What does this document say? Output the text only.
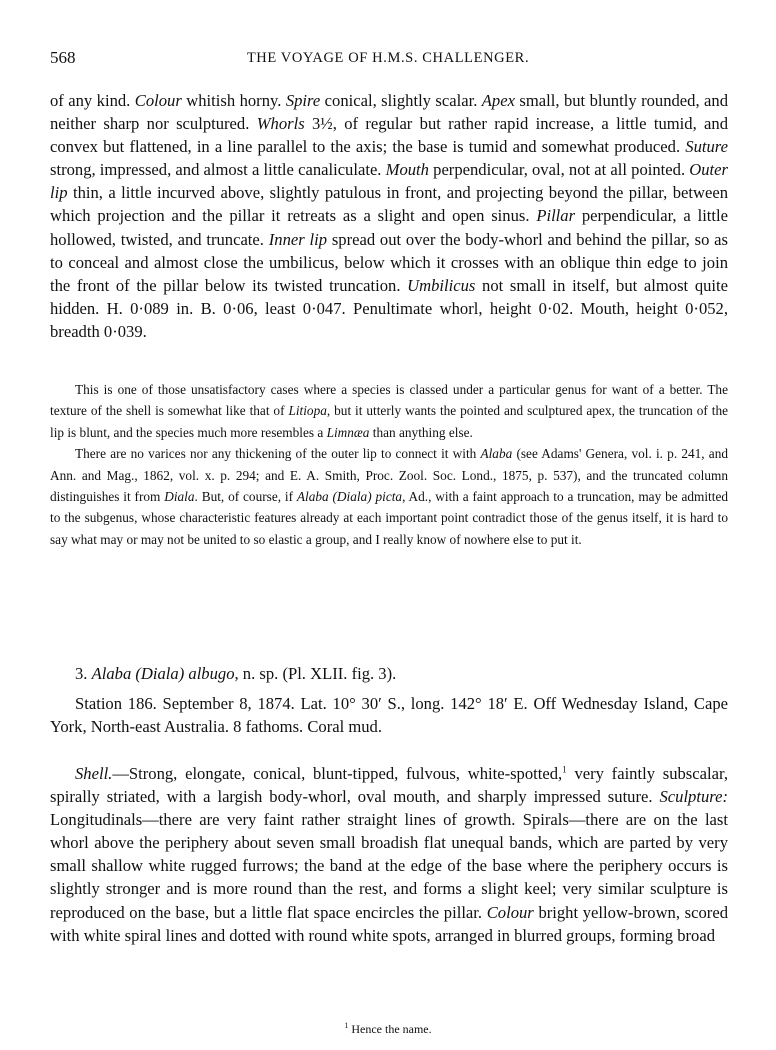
568	THE VOYAGE OF H.M.S. CHALLENGER.

of any kind. Colour whitish horny. Spire conical, slightly scalar. Apex small, but bluntly rounded, and neither sharp nor sculptured. Whorls 3½, of regular but rather rapid increase, a little tumid, and convex but flattened, in a line parallel to the axis; the base is tumid and somewhat produced. Suture strong, impressed, and almost a little canaliculate. Mouth perpendicular, oval, not at all pointed. Outer lip thin, a little incurved above, slightly patulous in front, and projecting beyond the pillar, between which projection and the pillar it retreats as a slight and open sinus. Pillar perpendicular, a little hollowed, twisted, and truncate. Inner lip spread out over the body-whorl and behind the pillar, so as to conceal and almost close the umbilicus, below which it crosses with an oblique thin edge to join the front of the pillar below its twisted truncation. Umbilicus not small in itself, but almost quite hidden. H. 0·089 in. B. 0·06, least 0·047. Penultimate whorl, height 0·02. Mouth, height 0·052, breadth 0·039.

This is one of those unsatisfactory cases where a species is classed under a particular genus for want of a better. The texture of the shell is somewhat like that of Litiopa, but it utterly wants the pointed and sculptured apex, the truncation of the lip is blunt, and the species much more resembles a Limnæa than anything else.

There are no varices nor any thickening of the outer lip to connect it with Alaba (see Adams' Genera, vol. i. p. 241, and Ann. and Mag., 1862, vol. x. p. 294; and E. A. Smith, Proc. Zool. Soc. Lond., 1875, p. 537), and the truncated column distinguishes it from Diala. But, of course, if Alaba (Diala) picta, Ad., with a faint approach to a truncation, may be admitted to the subgenus, whose characteristic features already at each important point contradict those of the genus itself, it is hard to say what may or may not be united to so elastic a group, and I really know of nowhere else to put it.

3. Alaba (Diala) albugo, n. sp. (Pl. XLII. fig. 3).

Station 186. September 8, 1874. Lat. 10° 30′ S., long. 142° 18′ E. Off Wednesday Island, Cape York, North-east Australia. 8 fathoms. Coral mud.

Shell.—Strong, elongate, conical, blunt-tipped, fulvous, white-spotted,$^1$ very faintly subscalar, spirally striated, with a largish body-whorl, oval mouth, and sharply impressed suture. Sculpture: Longitudinals—there are very faint rather straight lines of growth. Spirals—there are on the last whorl above the periphery about seven small broadish flat unequal bands, which are parted by very small shallow white rugged furrows; the band at the edge of the base where the periphery occurs is slightly stronger and is more round than the rest, and forms a slight keel; very similar sculpture is reproduced on the base, but a little flat space encircles the pillar. Colour bright yellow-brown, scored with white spiral lines and dotted with round white spots, arranged in blurred groups, forming broad

$^1$ Hence the name.
